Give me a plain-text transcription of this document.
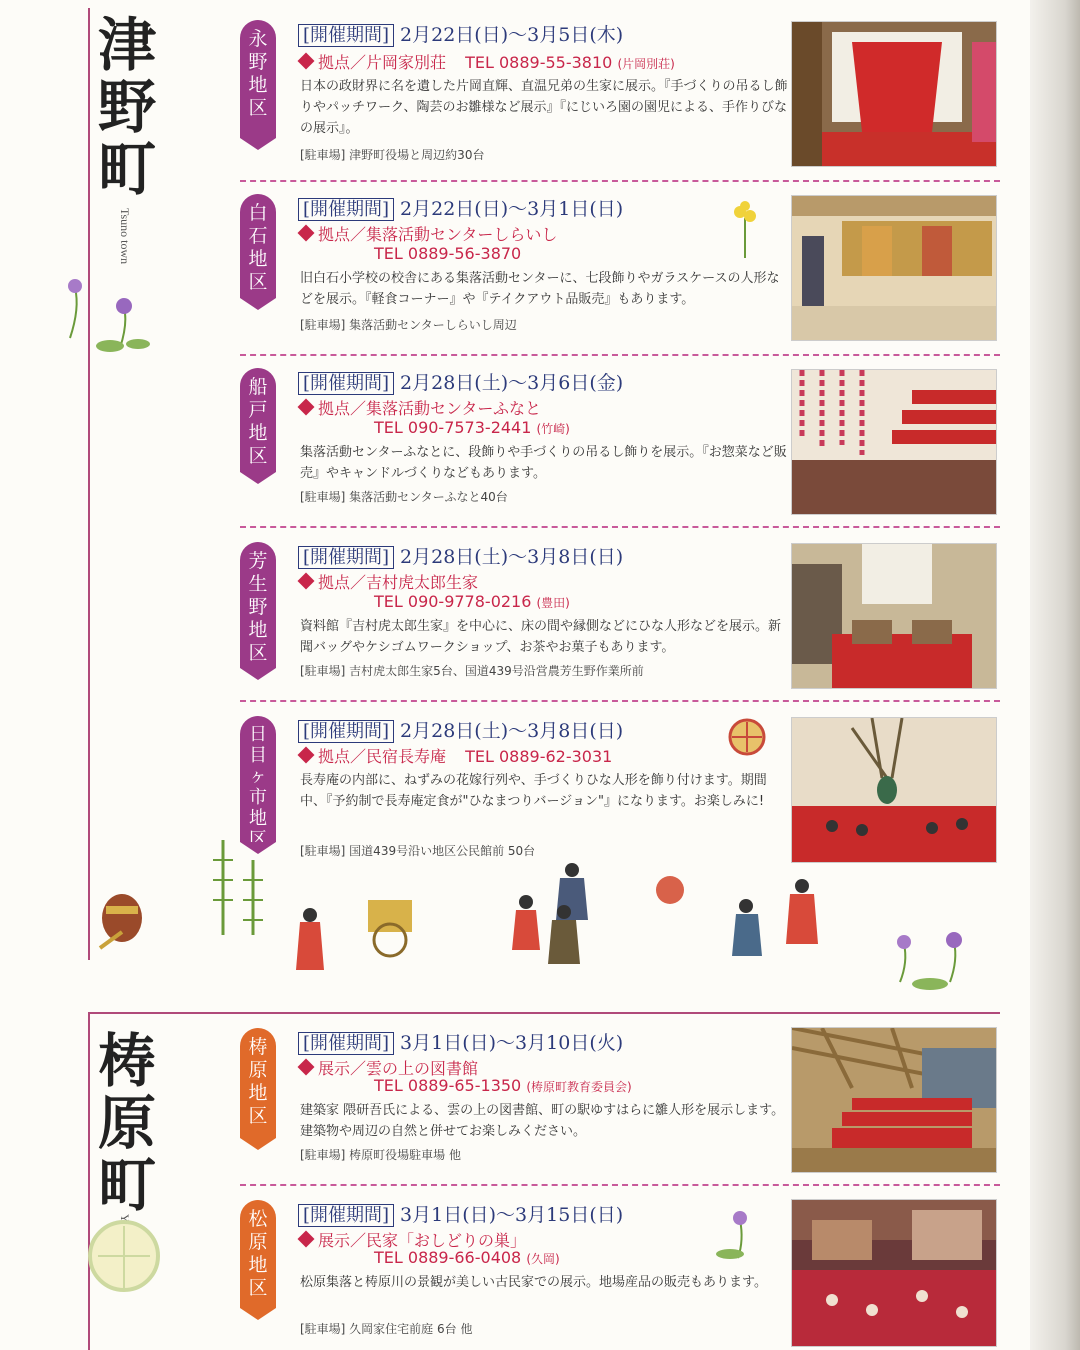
津
野
町
Tsuno town
梼
原
町
永
野
地
区
[開催期間] 2月22日(日)～3月5日(木)
拠点／片岡家別荘 TEL 0889-55-3810 (片岡別荘)
日本の政財界に名を遺した片岡直輝、直温兄弟の生家に展示。『手づくりの吊るし飾りやパッチワーク、陶芸のお雛様など展示』『にじいろ園の園児による、手作りびなの展示』。
[駐車場] 津野町役場と周辺約30台
白
石
地
区
[開催期間] 2月22日(日)～3月1日(日)
拠点／集落活動センターしらいし
TEL 0889-56-3870
旧白石小学校の校舎にある集落活動センターに、七段飾りやガラスケースの人形などを展示。『軽食コーナー』や『テイクアウト品販売』もあります。
[駐車場] 集落活動センターしらいし周辺
船
戸
地
区
[開催期間] 2月28日(土)～3月6日(金)
拠点／集落活動センターふなと
TEL 090-7573-2441 (竹崎)
集落活動センターふなとに、段飾りや手づくりの吊るし飾りを展示。『お惣菜など販売』やキャンドルづくりなどもあります。
[駐車場] 集落活動センターふなと40台
芳
生
野
地
区
[開催期間] 2月28日(土)～3月8日(日)
拠点／吉村虎太郎生家
TEL 090-9778-0216 (豊田)
資料館『吉村虎太郎生家』を中心に、床の間や縁側などにひな人形などを展示。新聞バッグやケシゴムワークショップ、お茶やお菓子もあります。
[駐車場] 吉村虎太郎生家5台、国道439号沿営農芳生野作業所前
日
目
ヶ
市
地
区
[開催期間] 2月28日(土)～3月8日(日)
拠点／民宿長寿庵 TEL 0889-62-3031
長寿庵の内部に、ねずみの花嫁行列や、手づくりひな人形を飾り付けます。期間中、『予約制で長寿庵定食が"ひなまつりバージョン"』になります。お楽しみに!
[駐車場] 国道439号沿い地区公民館前 50台
梼
原
地
区
[開催期間] 3月1日(日)～3月10日(火)
展示／雲の上の図書館
TEL 0889-65-1350 (梼原町教育委員会)
建築家 隈研吾氏による、雲の上の図書館、町の駅ゆすはらに雛人形を展示します。建築物や周辺の自然と併せてお楽しみください。
[駐車場] 梼原町役場駐車場 他
松
原
地
区
[開催期間] 3月1日(日)～3月15日(日)
展示／民家「おしどりの巣」
TEL 0889-66-0408 (久岡)
松原集落と梼原川の景観が美しい古民家での展示。地場産品の販売もあります。
[駐車場] 久岡家住宅前庭 6台 他
